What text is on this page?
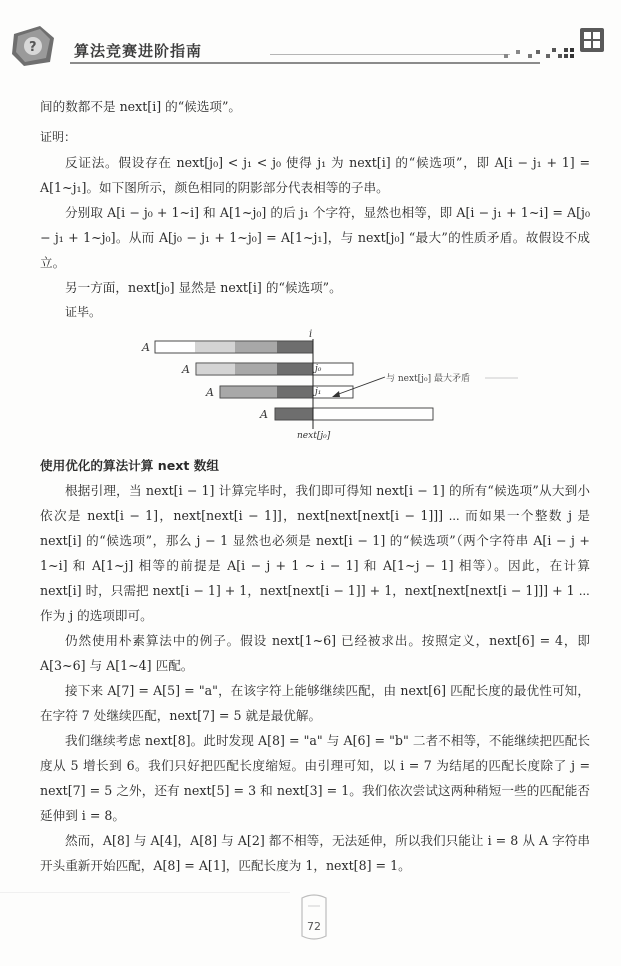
? 算法竞赛进阶指南

间的数都不是 next[i] 的“候选项”。

证明：

反证法。假设存在 next[j₀] < j₁ < j₀ 使得 j₁ 为 next[i] 的“候选项”，即 A[i − j₁ + 1] = A[1~j₁]。如下图所示，颜色相同的阴影部分代表相等的子串。

分别取 A[i − j₀ + 1~i] 和 A[1~j₀] 的后 j₁ 个字符，显然也相等，即 A[i − j₁ + 1~i] = A[j₀ − j₁ + 1~j₀]。从而 A[j₀ − j₁ + 1~j₀] = A[1~j₁]，与 next[j₀] “最大”的性质矛盾。故假设不成立。

另一方面，next[j₀] 显然是 next[i] 的“候选项”。

证毕。

A
i
A	j₀
A	j₁
A
next[j₀]
与 next[j₀] 最大矛盾

使用优化的算法计算 next 数组

根据引理，当 next[i − 1] 计算完毕时，我们即可得知 next[i − 1] 的所有“候选项”从大到小依次是 next[i − 1]，next[next[i − 1]]，next[next[next[i − 1]]] ⋯ 而如果一个整数 j 是 next[i] 的“候选项”，那么 j − 1 显然也必须是 next[i − 1] 的“候选项”（两个字符串 A[i − j + 1~i] 和 A[1~j] 相等的前提是 A[i − j + 1 ~ i − 1] 和 A[1~j − 1] 相等）。因此，在计算 next[i] 时，只需把 next[i − 1] + 1，next[next[i − 1]] + 1，next[next[next[i − 1]]] + 1 ⋯ 作为 j 的选项即可。

仍然使用朴素算法中的例子。假设 next[1~6] 已经被求出。按照定义，next[6] = 4，即 A[3~6] 与 A[1~4] 匹配。

接下来 A[7] = A[5] = "a"，在该字符上能够继续匹配，由 next[6] 匹配长度的最优性可知，在字符 7 处继续匹配，next[7] = 5 就是最优解。

我们继续考虑 next[8]。此时发现 A[8] = "a" 与 A[6] = "b" 二者不相等，不能继续把匹配长度从 5 增长到 6。我们只好把匹配长度缩短。由引理可知，以 i = 7 为结尾的匹配长度除了 j = next[7] = 5 之外，还有 next[5] = 3 和 next[3] = 1。我们依次尝试这两种稍短一些的匹配能否延伸到 i = 8。

然而，A[8] 与 A[4]，A[8] 与 A[2] 都不相等，无法延伸，所以我们只能让 i = 8 从 A 字符串开头重新开始匹配，A[8] = A[1]，匹配长度为 1，next[8] = 1。

72
